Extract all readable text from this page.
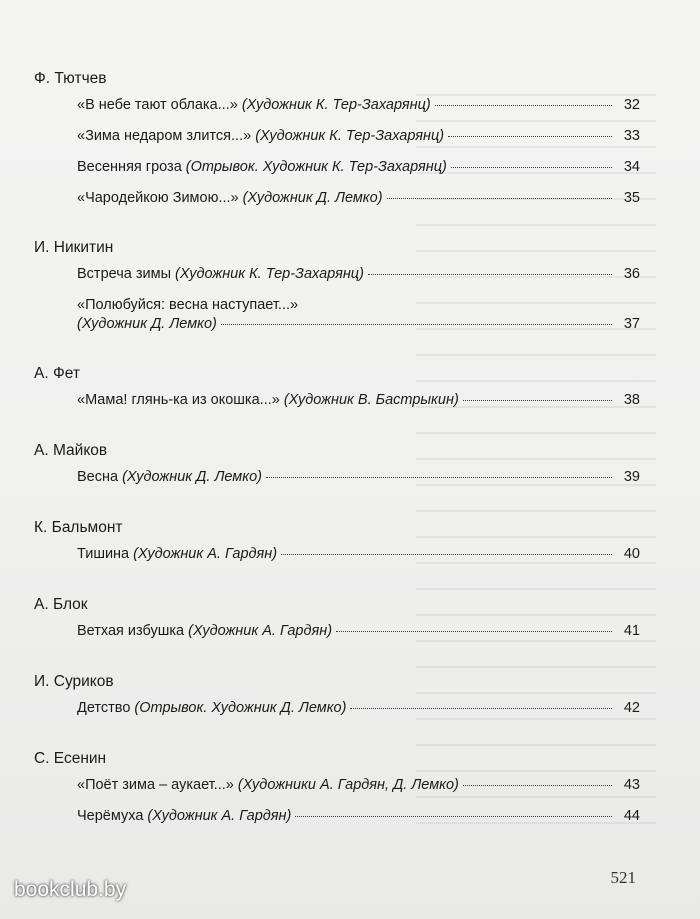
Ф. Тютчев
«В небе тают облака...» (Художник К. Тер-Захарянц)	32
«Зима недаром злится...» (Художник К. Тер-Захарянц)	33
Весенняя гроза (Отрывок. Художник К. Тер-Захарянц)	34
«Чародейкою Зимою...» (Художник Д. Лемко)	35
И. Никитин
Встреча зимы (Художник К. Тер-Захарянц)	36
«Полюбуйся: весна наступает...»
(Художник Д. Лемко)	37
А. Фет
«Мама! глянь-ка из окошка...» (Художник В. Бастрыкин)	38
А. Майков
Весна (Художник Д. Лемко)	39
К. Бальмонт
Тишина (Художник А. Гардян)	40
А. Блок
Ветхая избушка (Художник А. Гардян)	41
И. Суриков
Детство (Отрывок. Художник Д. Лемко)	42
С. Есенин
«Поёт зима – аукает...» (Художники А. Гардян, Д. Лемко)	43
Черёмуха (Художник А. Гардян)	44
521
bookclub.by
